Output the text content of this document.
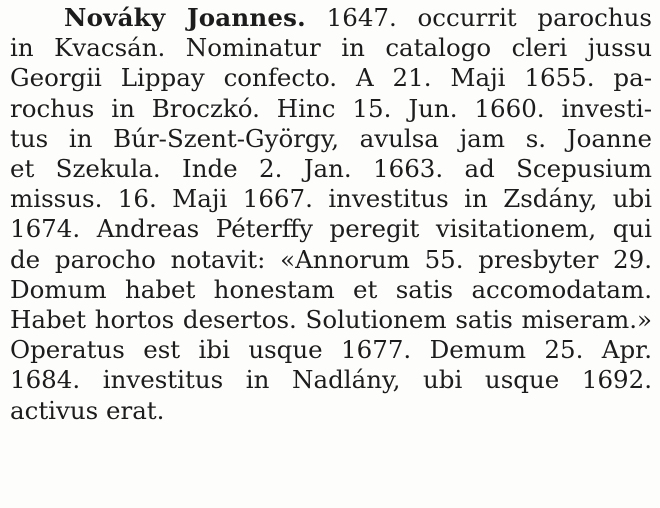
Nováky Joannes. 1647. occurrit parochus
in Kvacsán. Nominatur in catalogo cleri jussu
Georgii Lippay confecto. A 21. Maji 1655. pa-
rochus in Broczkó. Hinc 15. Jun. 1660. investi-
tus in Búr-Szent-György, avulsa jam s. Joanne
et Szekula. Inde 2. Jan. 1663. ad Scepusium
missus. 16. Maji 1667. investitus in Zsdány, ubi
1674. Andreas Péterffy peregit visitationem, qui
de parocho notavit: «Annorum 55. presbyter 29.
Domum habet honestam et satis accomodatam.
Habet hortos desertos. Solutionem satis miseram.»
Operatus est ibi usque 1677. Demum 25. Apr.
1684. investitus in Nadlány, ubi usque 1692.
activus erat.
